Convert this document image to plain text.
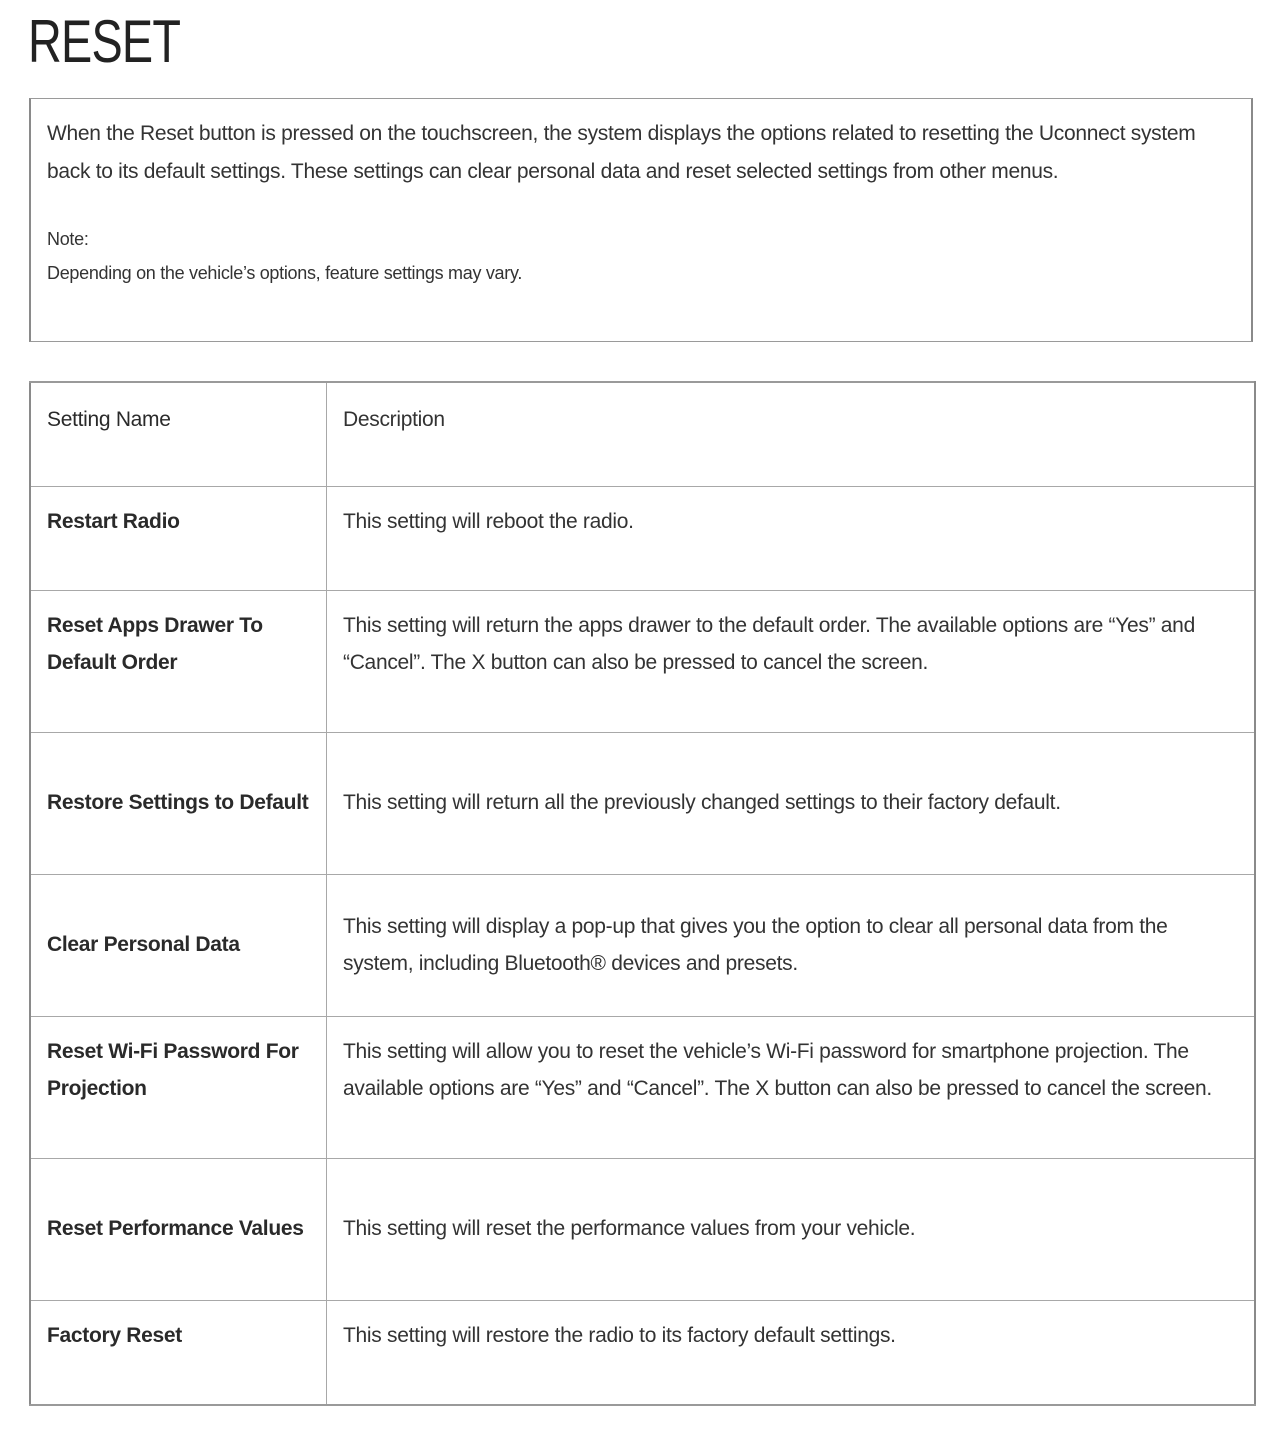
RESET

When the Reset button is pressed on the touchscreen, the system displays the options related to resetting the Uconnect system back to its default settings. These settings can clear personal data and reset selected settings from other menus.

Note:

Depending on the vehicle’s options, feature settings may vary.

Setting Name	Description
Restart Radio	This setting will reboot the radio.
Reset Apps Drawer To Default Order	This setting will return the apps drawer to the default order. The available options are “Yes” and “Cancel”. The X button can also be pressed to cancel the screen.
Restore Settings to Default	This setting will return all the previously changed settings to their factory default.
Clear Personal Data	This setting will display a pop-up that gives you the option to clear all personal data from the system, including Bluetooth® devices and presets.
Reset Wi-Fi Password For Projection	This setting will allow you to reset the vehicle’s Wi-Fi password for smartphone projection. The available options are “Yes” and “Cancel”. The X button can also be pressed to cancel the screen.
Reset Performance Values	This setting will reset the performance values from your vehicle.
Factory Reset	This setting will restore the radio to its factory default settings.
